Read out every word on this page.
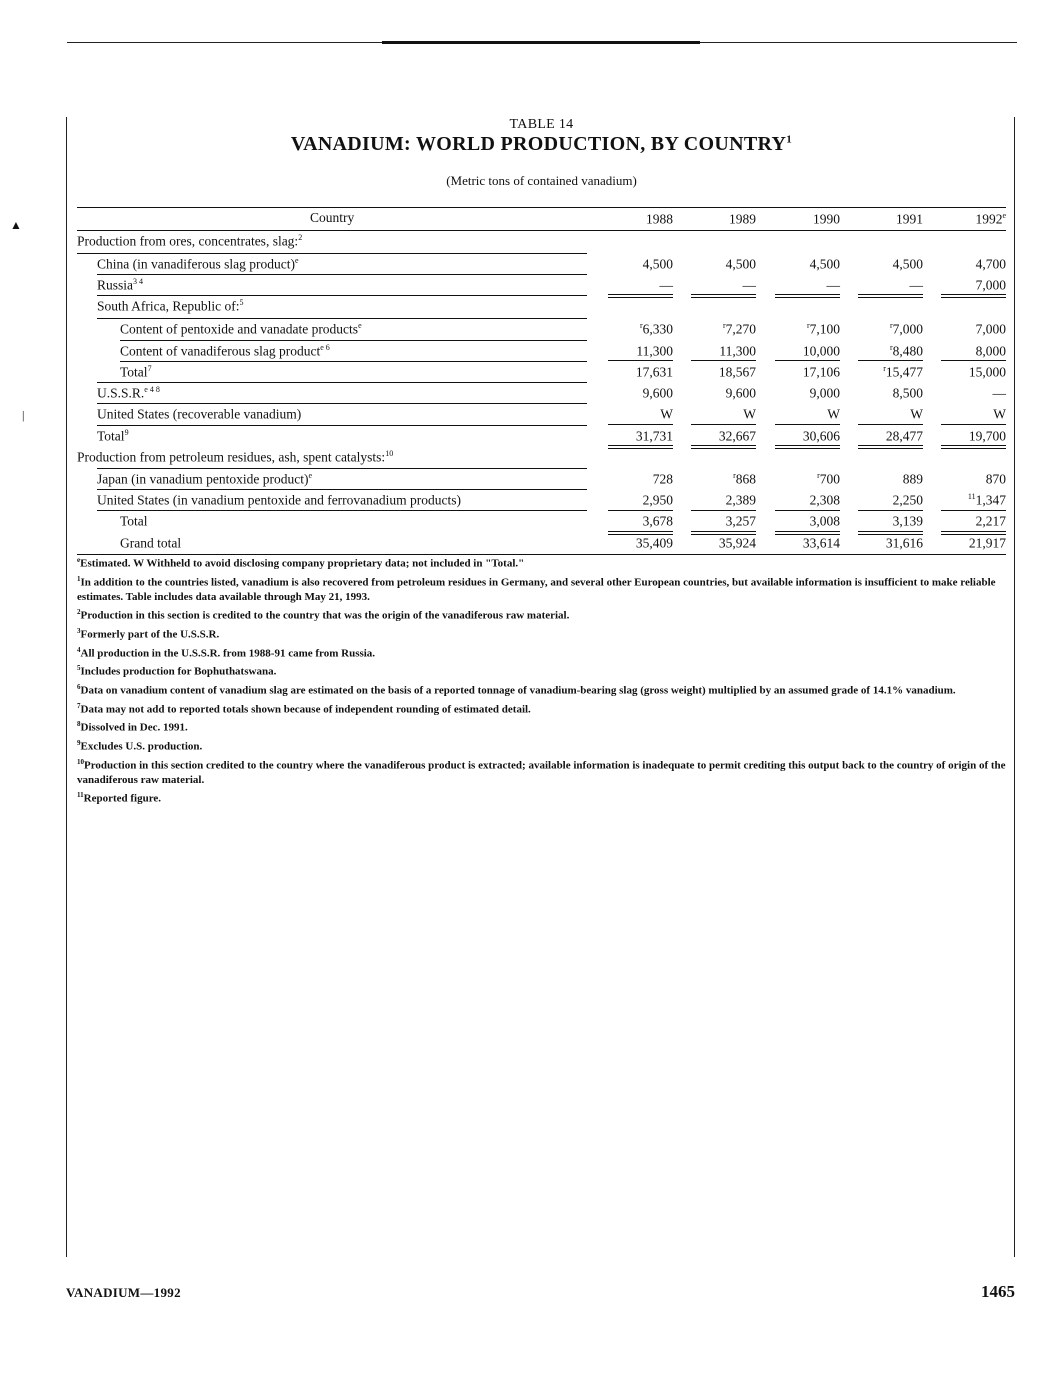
▲
|
TABLE 14
VANADIUM: WORLD PRODUCTION, BY COUNTRY$^1$
(Metric tons of contained vanadium)
Country	1988	1989	1990	1991	1992e
Production from ores, concentrates, slag:$^2$
China (in vanadiferous slag product)$^e$	4,500	4,500	4,500	4,500	4,700
Russia$^{3 4}$	—	—	—	—	7,000
South Africa, Republic of:$^5$
Content of pentoxide and vanadate products$^e$	$^r$6,330	$^r$7,270	$^r$7,100	$^r$7,000	7,000
Content of vanadiferous slag product$^{e 6}$	11,300	11,300	10,000	$^r$8,480	8,000
Total$^7$	17,631	18,567	17,106	$^r$15,477	15,000
U.S.S.R.$^{e 4 8}$	9,600	9,600	9,000	8,500	—
United States (recoverable vanadium)	W	W	W	W	W
Total$^9$	31,731	32,667	30,606	28,477	19,700
Production from petroleum residues, ash, spent catalysts:$^{10}$
Japan (in vanadium pentoxide product)$^e$	728	$^r$868	$^r$700	889	870
United States (in vanadium pentoxide and ferrovanadium products)	2,950	2,389	2,308	2,250	$^{11}$1,347
Total	3,678	3,257	3,008	3,139	2,217
Grand total	35,409	35,924	33,614	31,616	21,917
$^e$Estimated. W Withheld to avoid disclosing company proprietary data; not included in "Total."
$^1$In addition to the countries listed, vanadium is also recovered from petroleum residues in Germany, and several other European countries, but available information is insufficient to make reliable estimates. Table includes data available through May 21, 1993.
$^2$Production in this section is credited to the country that was the origin of the vanadiferous raw material.
$^3$Formerly part of the U.S.S.R.
$^4$All production in the U.S.S.R. from 1988-91 came from Russia.
$^5$Includes production for Bophuthatswana.
$^6$Data on vanadium content of vanadium slag are estimated on the basis of a reported tonnage of vanadium-bearing slag (gross weight) multiplied by an assumed grade of 14.1% vanadium.
$^7$Data may not add to reported totals shown because of independent rounding of estimated detail.
$^8$Dissolved in Dec. 1991.
$^9$Excludes U.S. production.
$^{10}$Production in this section credited to the country where the vanadiferous product is extracted; available information is inadequate to permit crediting this output back to the country of origin of the vanadiferous raw material.
$^{11}$Reported figure.
VANADIUM—1992	1465
